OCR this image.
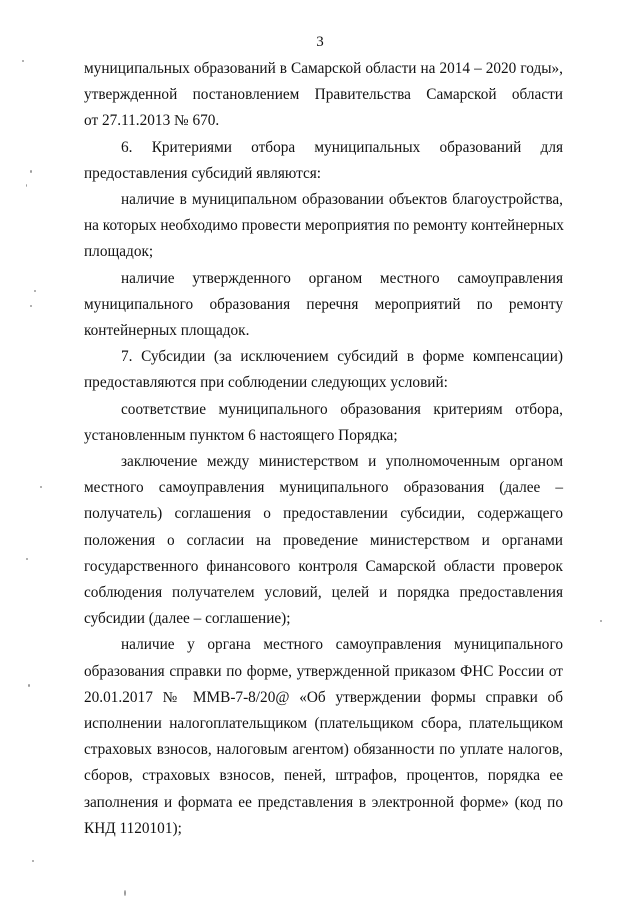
3
муниципальных образований в Самарской области на 2014 – 2020 годы»,
утвержденной постановлением Правительства Самарской области
от 27.11.2013 № 670.
6. Критериями отбора муниципальных образований для
предоставления субсидий являются:
наличие в муниципальном образовании объектов благоустройства,
на которых необходимо провести мероприятия по ремонту контейнерных
площадок;
наличие утвержденного органом местного самоуправления
муниципального образования перечня мероприятий по ремонту
контейнерных площадок.
7. Субсидии (за исключением субсидий в форме компенсации)
предоставляются при соблюдении следующих условий:
соответствие муниципального образования критериям отбора,
установленным пунктом 6 настоящего Порядка;
заключение между министерством и уполномоченным органом
местного самоуправления муниципального образования (далее –
получатель) соглашения о предоставлении субсидии, содержащего
положения о согласии на проведение министерством и органами
государственного финансового контроля Самарской области проверок
соблюдения получателем условий, целей и порядка предоставления
субсидии (далее – соглашение);
наличие у органа местного самоуправления муниципального
образования справки по форме, утвержденной приказом ФНС России от
20.01.2017 № ММВ-7-8/20@ «Об утверждении формы справки об
исполнении налогоплательщиком (плательщиком сбора, плательщиком
страховых взносов, налоговым агентом) обязанности по уплате налогов,
сборов, страховых взносов, пеней, штрафов, процентов, порядка ее
заполнения и формата ее представления в электронной форме» (код по
КНД 1120101);
